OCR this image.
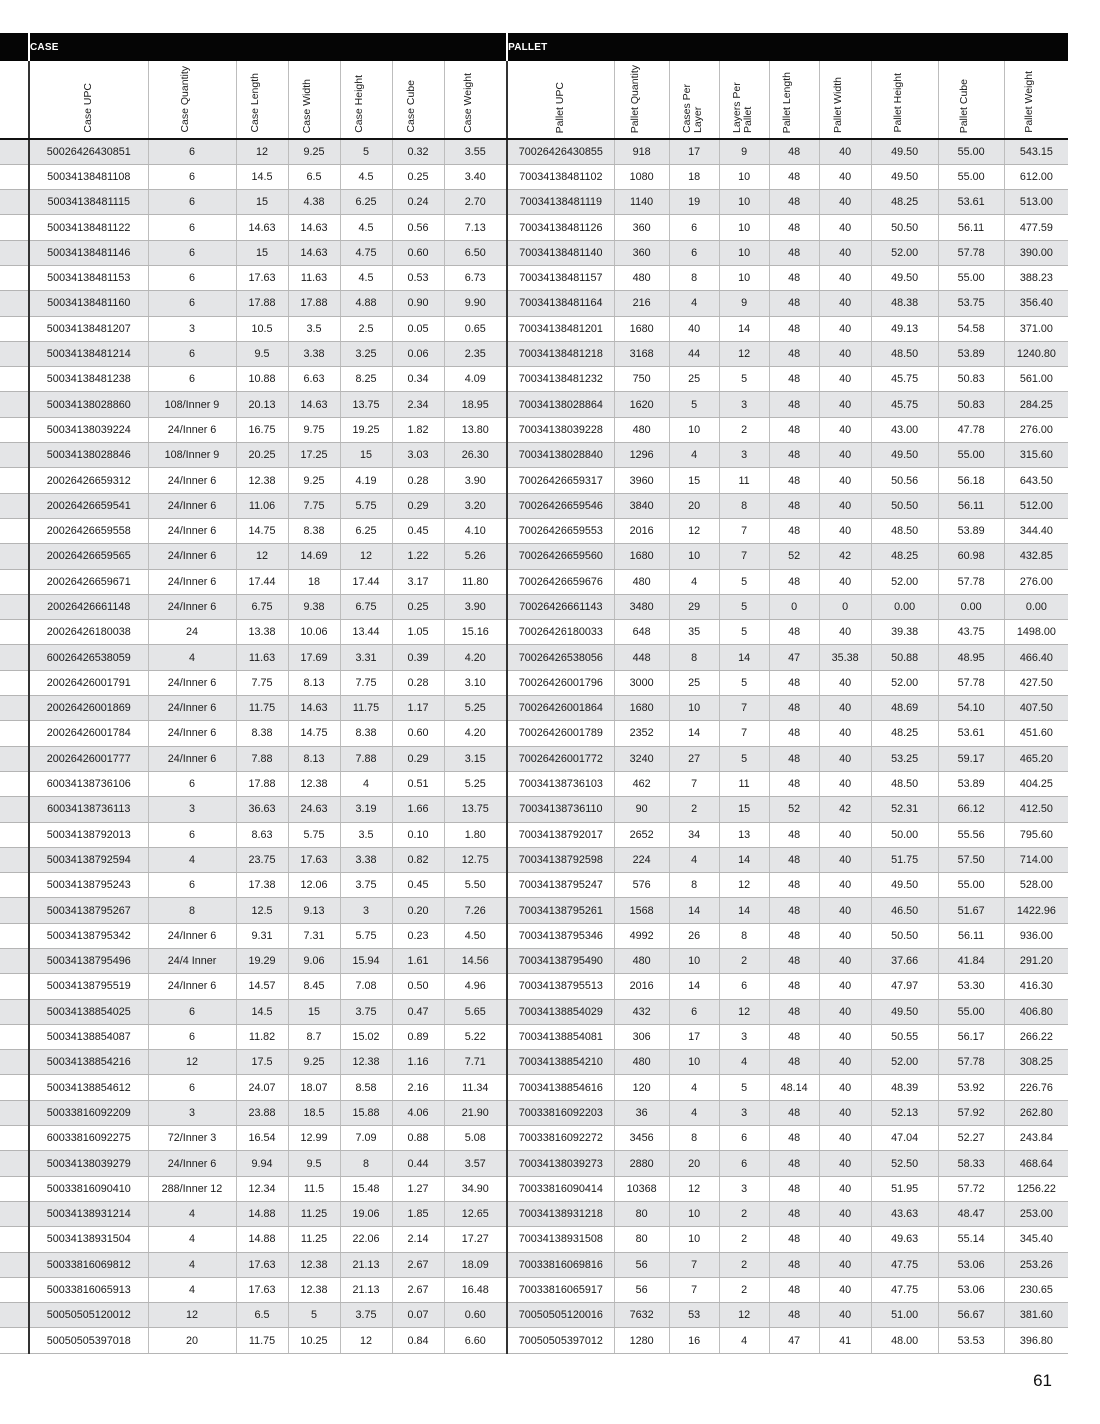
	CASE							PALLET								
	Case UPC	Case Quantity	Case Length	Case Width	Case Height	Case Cube	Case Weight	Pallet UPC	Pallet Quantity	Cases Per Layer	Layers Per Pallet	Pallet Length	Pallet Width	Pallet Height	Pallet Cube	Pallet Weight
	50026426430851	6	12	9.25	5	0.32	3.55	70026426430855	918	17	9	48	40	49.50	55.00	543.15
	50034138481108	6	14.5	6.5	4.5	0.25	3.40	70034138481102	1080	18	10	48	40	49.50	55.00	612.00
	50034138481115	6	15	4.38	6.25	0.24	2.70	70034138481119	1140	19	10	48	40	48.25	53.61	513.00
	50034138481122	6	14.63	14.63	4.5	0.56	7.13	70034138481126	360	6	10	48	40	50.50	56.11	477.59
	50034138481146	6	15	14.63	4.75	0.60	6.50	70034138481140	360	6	10	48	40	52.00	57.78	390.00
	50034138481153	6	17.63	11.63	4.5	0.53	6.73	70034138481157	480	8	10	48	40	49.50	55.00	388.23
	50034138481160	6	17.88	17.88	4.88	0.90	9.90	70034138481164	216	4	9	48	40	48.38	53.75	356.40
	50034138481207	3	10.5	3.5	2.5	0.05	0.65	70034138481201	1680	40	14	48	40	49.13	54.58	371.00
	50034138481214	6	9.5	3.38	3.25	0.06	2.35	70034138481218	3168	44	12	48	40	48.50	53.89	1240.80
	50034138481238	6	10.88	6.63	8.25	0.34	4.09	70034138481232	750	25	5	48	40	45.75	50.83	561.00
	50034138028860	108/Inner 9	20.13	14.63	13.75	2.34	18.95	70034138028864	1620	5	3	48	40	45.75	50.83	284.25
	50034138039224	24/Inner 6	16.75	9.75	19.25	1.82	13.80	70034138039228	480	10	2	48	40	43.00	47.78	276.00
	50034138028846	108/Inner 9	20.25	17.25	15	3.03	26.30	70034138028840	1296	4	3	48	40	49.50	55.00	315.60
	20026426659312	24/Inner 6	12.38	9.25	4.19	0.28	3.90	70026426659317	3960	15	11	48	40	50.56	56.18	643.50
	20026426659541	24/Inner 6	11.06	7.75	5.75	0.29	3.20	70026426659546	3840	20	8	48	40	50.50	56.11	512.00
	20026426659558	24/Inner 6	14.75	8.38	6.25	0.45	4.10	70026426659553	2016	12	7	48	40	48.50	53.89	344.40
	20026426659565	24/Inner 6	12	14.69	12	1.22	5.26	70026426659560	1680	10	7	52	42	48.25	60.98	432.85
	20026426659671	24/Inner 6	17.44	18	17.44	3.17	11.80	70026426659676	480	4	5	48	40	52.00	57.78	276.00
	20026426661148	24/Inner 6	6.75	9.38	6.75	0.25	3.90	70026426661143	3480	29	5	0	0	0.00	0.00	0.00
	20026426180038	24	13.38	10.06	13.44	1.05	15.16	70026426180033	648	35	5	48	40	39.38	43.75	1498.00
	60026426538059	4	11.63	17.69	3.31	0.39	4.20	70026426538056	448	8	14	47	35.38	50.88	48.95	466.40
	20026426001791	24/Inner 6	7.75	8.13	7.75	0.28	3.10	70026426001796	3000	25	5	48	40	52.00	57.78	427.50
	20026426001869	24/Inner 6	11.75	14.63	11.75	1.17	5.25	70026426001864	1680	10	7	48	40	48.69	54.10	407.50
	20026426001784	24/Inner 6	8.38	14.75	8.38	0.60	4.20	70026426001789	2352	14	7	48	40	48.25	53.61	451.60
	20026426001777	24/Inner 6	7.88	8.13	7.88	0.29	3.15	70026426001772	3240	27	5	48	40	53.25	59.17	465.20
	60034138736106	6	17.88	12.38	4	0.51	5.25	70034138736103	462	7	11	48	40	48.50	53.89	404.25
	60034138736113	3	36.63	24.63	3.19	1.66	13.75	70034138736110	90	2	15	52	42	52.31	66.12	412.50
	50034138792013	6	8.63	5.75	3.5	0.10	1.80	70034138792017	2652	34	13	48	40	50.00	55.56	795.60
	50034138792594	4	23.75	17.63	3.38	0.82	12.75	70034138792598	224	4	14	48	40	51.75	57.50	714.00
	50034138795243	6	17.38	12.06	3.75	0.45	5.50	70034138795247	576	8	12	48	40	49.50	55.00	528.00
	50034138795267	8	12.5	9.13	3	0.20	7.26	70034138795261	1568	14	14	48	40	46.50	51.67	1422.96
	50034138795342	24/Inner 6	9.31	7.31	5.75	0.23	4.50	70034138795346	4992	26	8	48	40	50.50	56.11	936.00
	50034138795496	24/4 Inner	19.29	9.06	15.94	1.61	14.56	70034138795490	480	10	2	48	40	37.66	41.84	291.20
	50034138795519	24/Inner 6	14.57	8.45	7.08	0.50	4.96	70034138795513	2016	14	6	48	40	47.97	53.30	416.30
	50034138854025	6	14.5	15	3.75	0.47	5.65	70034138854029	432	6	12	48	40	49.50	55.00	406.80
	50034138854087	6	11.82	8.7	15.02	0.89	5.22	70034138854081	306	17	3	48	40	50.55	56.17	266.22
	50034138854216	12	17.5	9.25	12.38	1.16	7.71	70034138854210	480	10	4	48	40	52.00	57.78	308.25
	50034138854612	6	24.07	18.07	8.58	2.16	11.34	70034138854616	120	4	5	48.14	40	48.39	53.92	226.76
	50033816092209	3	23.88	18.5	15.88	4.06	21.90	70033816092203	36	4	3	48	40	52.13	57.92	262.80
	60033816092275	72/Inner 3	16.54	12.99	7.09	0.88	5.08	70033816092272	3456	8	6	48	40	47.04	52.27	243.84
	50034138039279	24/Inner 6	9.94	9.5	8	0.44	3.57	70034138039273	2880	20	6	48	40	52.50	58.33	468.64
	50033816090410	288/Inner 12	12.34	11.5	15.48	1.27	34.90	70033816090414	10368	12	3	48	40	51.95	57.72	1256.22
	50034138931214	4	14.88	11.25	19.06	1.85	12.65	70034138931218	80	10	2	48	40	43.63	48.47	253.00
	50034138931504	4	14.88	11.25	22.06	2.14	17.27	70034138931508	80	10	2	48	40	49.63	55.14	345.40
	50033816069812	4	17.63	12.38	21.13	2.67	18.09	70033816069816	56	7	2	48	40	47.75	53.06	253.26
	50033816065913	4	17.63	12.38	21.13	2.67	16.48	70033816065917	56	7	2	48	40	47.75	53.06	230.65
	50050505120012	12	6.5	5	3.75	0.07	0.60	70050505120016	7632	53	12	48	40	51.00	56.67	381.60
	50050505397018	20	11.75	10.25	12	0.84	6.60	70050505397012	1280	16	4	47	41	48.00	53.53	396.80
61
